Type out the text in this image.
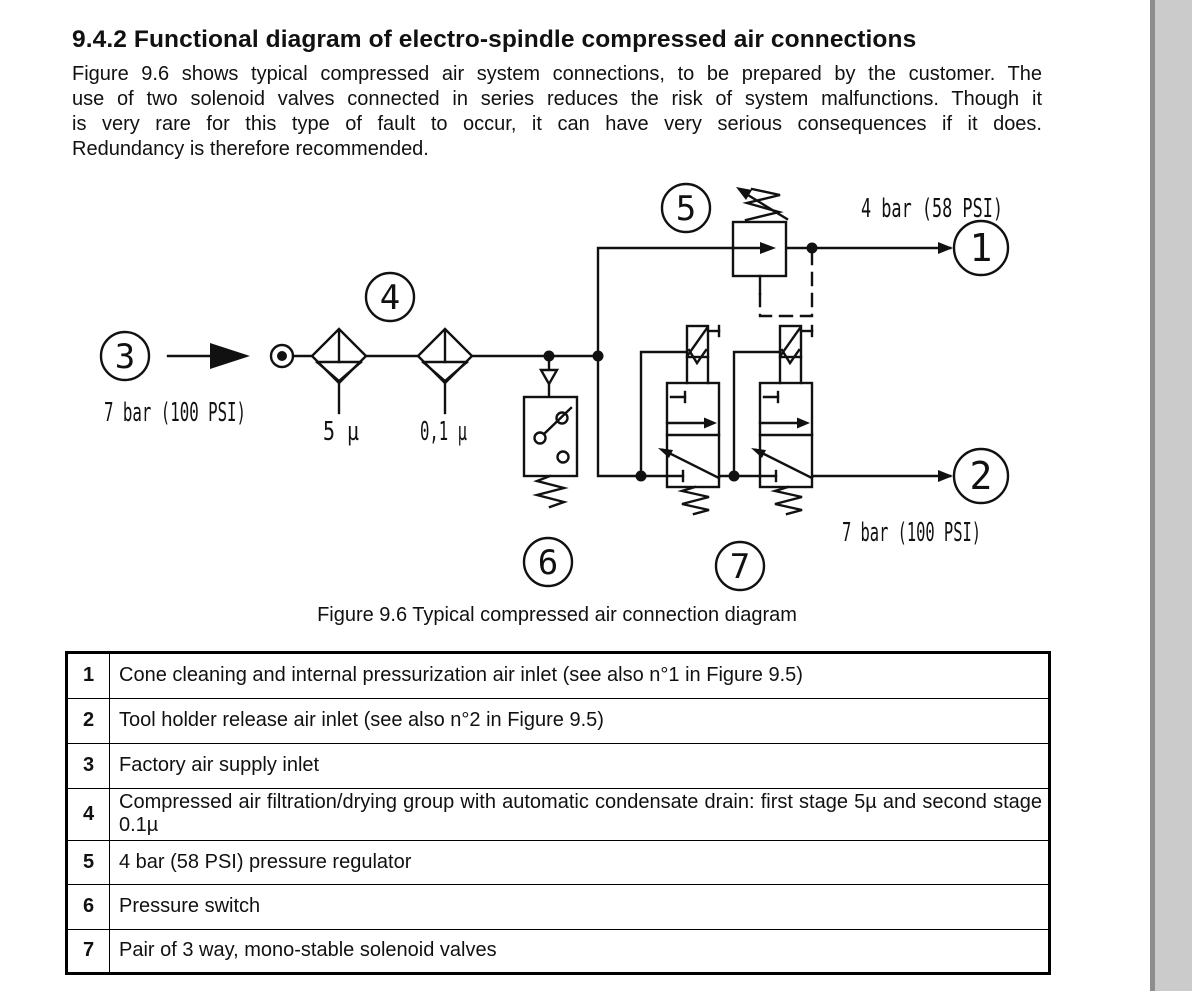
9.4.2 Functional diagram of electro-spindle compressed air connections
Figure 9.6 shows typical compressed air system connections, to be prepared by the customer. The
use of two solenoid valves connected in series reduces the risk of system malfunctions. Though it
is very rare for this type of fault to occur, it can have very serious consequences if it does.
Redundancy is therefore recommended.
3
7 bar (100 PSI)
5 µ 0,1 µ
4
6
5	4 bar (58 PSI)
1
7
2
7 bar (100 PSI)
Figure 9.6 Typical compressed air connection diagram
1	Cone cleaning and internal pressurization air inlet (see also n°1 in Figure 9.5)
2	Tool holder release air inlet (see also n°2 in Figure 9.5)
3	Factory air supply inlet
4	Compressed air filtration/drying group with automatic condensate drain: first stage 5µ and second stage 0.1µ
5	4 bar (58 PSI) pressure regulator
6	Pressure switch
7	Pair of 3 way, mono-stable solenoid valves
